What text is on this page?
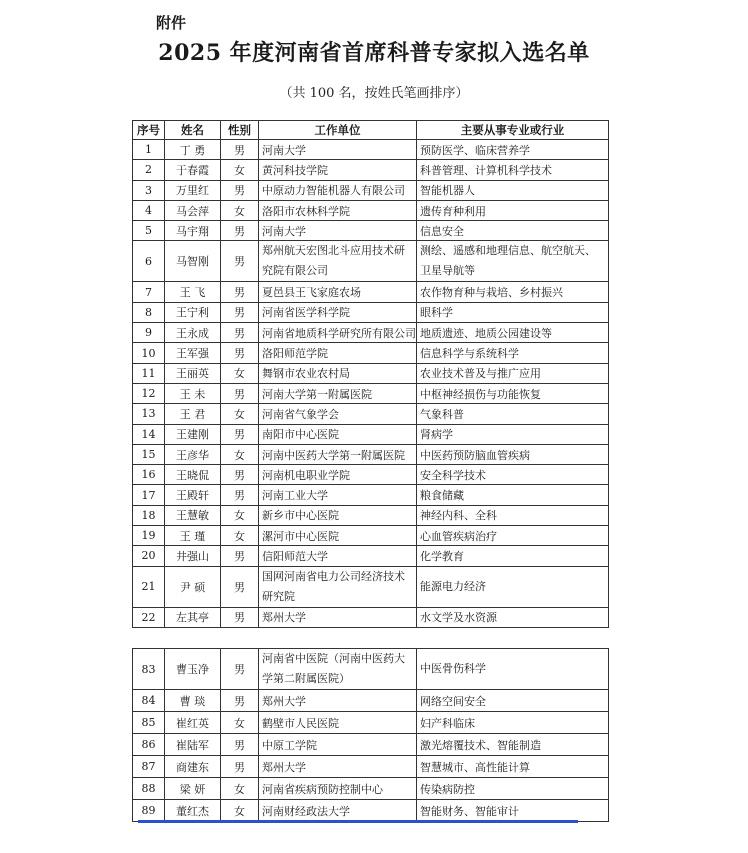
附件
2025 年度河南省首席科普专家拟入选名单
（共 100 名，按姓氏笔画排序）
序号	姓名	性别	工作单位	主要从事专业或行业
1	丁 勇	男	河南大学	预防医学、临床营养学
2	于春霞	女	黄河科技学院	科普管理、计算机科学技术
3	万里红	男	中原动力智能机器人有限公司	智能机器人
4	马会萍	女	洛阳市农林科学院	遗传育种利用
5	马宇翔	男	河南大学	信息安全
6	马智刚	男	郑州航天宏图北斗应用技术研究院有限公司	测绘、遥感和地理信息、航空航天、卫星导航等
7	王 飞	男	夏邑县王飞家庭农场	农作物育种与栽培、乡村振兴
8	王宁利	男	河南省医学科学院	眼科学
9	王永成	男	河南省地质科学研究所有限公司	地质遗迹、地质公园建设等
10	王军强	男	洛阳师范学院	信息科学与系统科学
11	王丽英	女	舞钢市农业农村局	农业技术普及与推广应用
12	王 未	男	河南大学第一附属医院	中枢神经损伤与功能恢复
13	王 君	女	河南省气象学会	气象科普
14	王建刚	男	南阳市中心医院	肾病学
15	王彦华	女	河南中医药大学第一附属医院	中医药预防脑血管疾病
16	王晓侃	男	河南机电职业学院	安全科学技术
17	王殿轩	男	河南工业大学	粮食储藏
18	王慧敏	女	新乡市中心医院	神经内科、全科
19	王 瑾	女	漯河市中心医院	心血管疾病治疗
20	井强山	男	信阳师范大学	化学教育
21	尹 硕	男	国网河南省电力公司经济技术研究院	能源电力经济
22	左其亭	男	郑州大学	水文学及水资源
83	曹玉净	男	河南省中医院（河南中医药大学第二附属医院）	中医骨伤科学
84	曹 琰	男	郑州大学	网络空间安全
85	崔红英	女	鹤壁市人民医院	妇产科临床
86	崔陆军	男	中原工学院	激光熔覆技术、智能制造
87	商建东	男	郑州大学	智慧城市、高性能计算
88	梁 妍	女	河南省疾病预防控制中心	传染病防控
89	董红杰	女	河南财经政法大学	智能财务、智能审计
